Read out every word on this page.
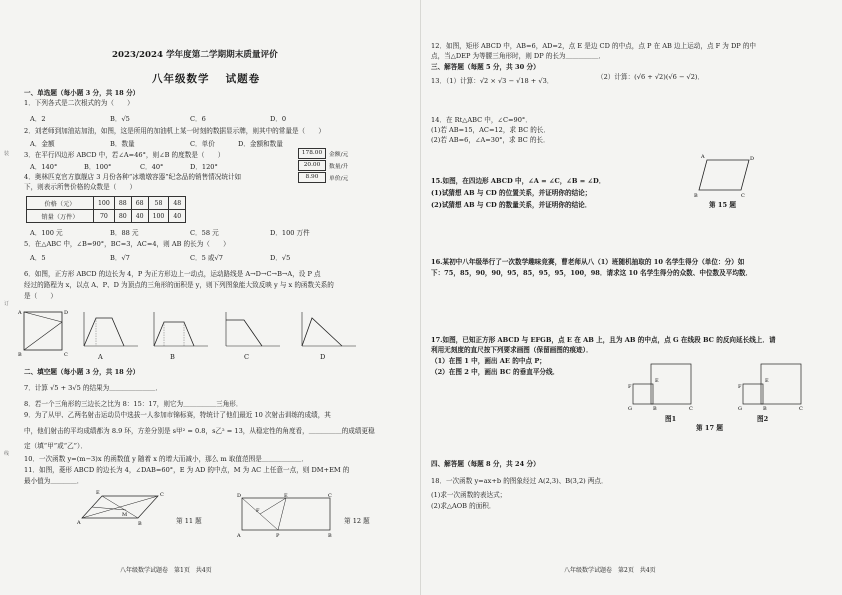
装
订
线
2023/2024 学年度第二学期期末质量评价
八年级数学　 试题卷
一、单选题（每小题 3 分，共 18 分）
1．下列各式是二次根式的为（　　）
A．2	B．√5	C．6	D．0
2．刘老师到加油站加油，如图，这是所用的加油机上某一时刻的数据显示牌，则其中的常量是（　　）
A．金额	B．数量	C．单价	D．金额和数量
178.00	金额/元
20.00	数量/升
8.90	单价/元
3．在平行四边形 ABCD 中，若∠A=46°，则∠B 的度数是（　　）
A．140°	B．100°	C．40°	D．120°
4．奥林匹克官方旗舰店 3 月份各种“冰墩墩容器”纪念品的销售情况统计如
下，则表示所售价格的众数是（　　）
价格（元）	100	88	68	58	48
销量（万件）	70	80	40	100	40
A．100 元	B．88 元	C．58 元	D．100 万件
5．在△ABC 中，∠B=90°，BC=3，AC=4，则 AB 的长为（　　）
A．5	B．√7	C．5 或√7	D．√5
6．如图，正方形 ABCD 的边长为 4，P 为正方形边上一动点，运动路线是 A→D→C→B→A，设 P 点
经过的路程为 x，以点 A、P、D 为顶点的三角形的面积是 y，则下列图象能大致反映 y 与 x 的函数关系的
是（　　）
A	D
B	C	A	B	C	D
二、填空题（每小题 3 分，共 18 分）
7．计算 √5 + 3√5 的结果为＿＿＿＿＿＿＿．
8．若一个三角形的三边长之比为 8：15：17，则它为＿＿＿＿＿三角形．
9．为了从甲、乙两名射击运动员中选拔一人参加市锦标赛，特统计了他们最近 10 次射击训练的成绩，其
中，他们射击的平均成绩都为 8.9 环，方差分别是 s甲² = 0.8，s乙² = 13，从稳定性的角度看，＿＿＿＿＿的成绩更稳
定（填“甲”或“乙”）．
10．一次函数 y=(m−3)x 的函数值 y 随着 x 的增大而减小，那么 m 取值范围是＿＿＿＿＿＿．
11．如图，菱形 ABCD 的边长为 4，∠DAB=60°，E 为 AD 的中点，M 为 AC 上任意一点，则 DM+EM 的
最小值为＿＿＿＿．
A
E	C
B
M
第 11 题
D	E	C
A	P	B
F
第 12 题
八年级数学试题卷　第1页　共4页
12．如图，矩形 ABCD 中，AB=6，AD=2，点 E 是边 CD 的中点，点 P 在 AB 边上运动，点 F 为 DP 的中
点，当△DEP 为等腰三角形时，则 DP 的长为＿＿＿＿＿．
三、解答题（每题 5 分，共 30 分）
13．（1）计算：√2 × √3 − √18 + √3．	（2）计算：(√6 + √2)(√6 − √2)．
14．在 Rt△ABC 中，∠C=90°．
(1)若 AB=15，AC=12，求 BC 的长．
(2)若 AB=6，∠A=30°，求 BC 的长．
15.如图，在四边形 ABCD 中，∠A = ∠C，∠B = ∠D．
(1)试猜想 AB 与 CD 的位置关系，并证明你的结论；
(2)试猜想 AB 与 CD 的数量关系，并证明你的结论．
A	D
B	C
第 15 题
16.某初中八年级举行了一次数学趣味竞赛，曹老师从八（1）班随机抽取的 10 名学生得分（单位：分）如
下：75，85，90，90，95，85，95，95，100，98．请求这 10 名学生得分的众数、中位数及平均数．
17.如图，已知正方形 ABCD 与 EFGB，点 E 在 AB 上，且为 AB 的中点，点 G 在线段 BC 的反向延长线上．请
利用无刻度的直尺按下列要求画图（保留画图的痕迹）．
（1）在图 1 中，画出 AE 的中点 P；
（2）在图 2 中，画出 BC 的垂直平分线．
F
G	B	C
E
图1
F
G	B	C
E
图2
第 17 题
四、解答题（每题 8 分，共 24 分）
18．一次函数 y=ax+b 的图象经过 A(2,3)、B(3,2) 两点．
(1)求一次函数的表达式；
(2)求△AOB 的面积．
八年级数学试题卷　第2页　共4页
